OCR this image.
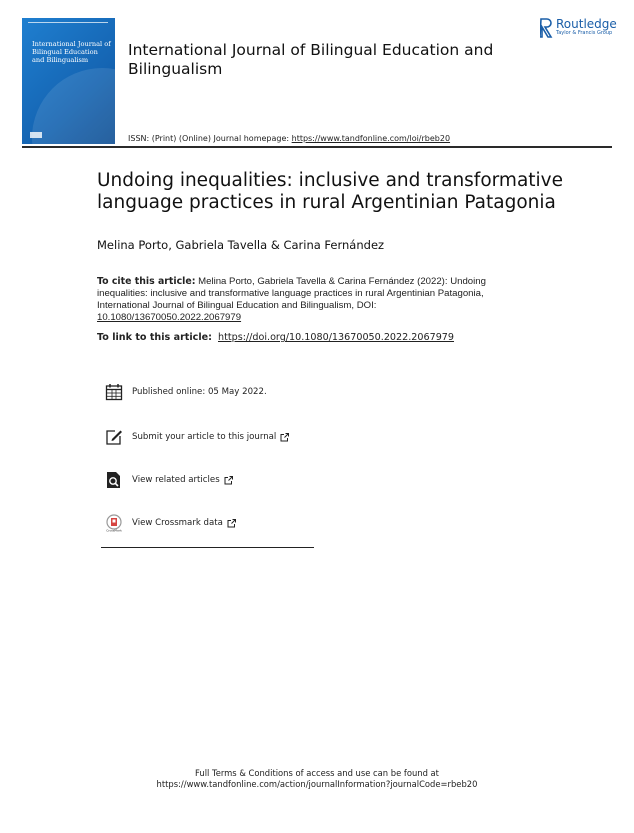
International Journal of Bilingual Education and Bilingualism
International Journal of Bilingual Education and Bilingualism
Routledge
Taylor & Francis Group
ISSN: (Print) (Online) Journal homepage: https://www.tandfonline.com/loi/rbeb20
Undoing inequalities: inclusive and transformative language practices in rural Argentinian Patagonia
Melina Porto, Gabriela Tavella & Carina Fernández
To cite this article: Melina Porto, Gabriela Tavella & Carina Fernández (2022): Undoing inequalities: inclusive and transformative language practices in rural Argentinian Patagonia, International Journal of Bilingual Education and Bilingualism, DOI: 10.1080/13670050.2022.2067979
To link to this article: https://doi.org/10.1080/13670050.2022.2067979
Published online: 05 May 2022.
Submit your article to this journal
View related articles
CrossMark
View Crossmark data
Full Terms & Conditions of access and use can be found at
https://www.tandfonline.com/action/journalInformation?journalCode=rbeb20
